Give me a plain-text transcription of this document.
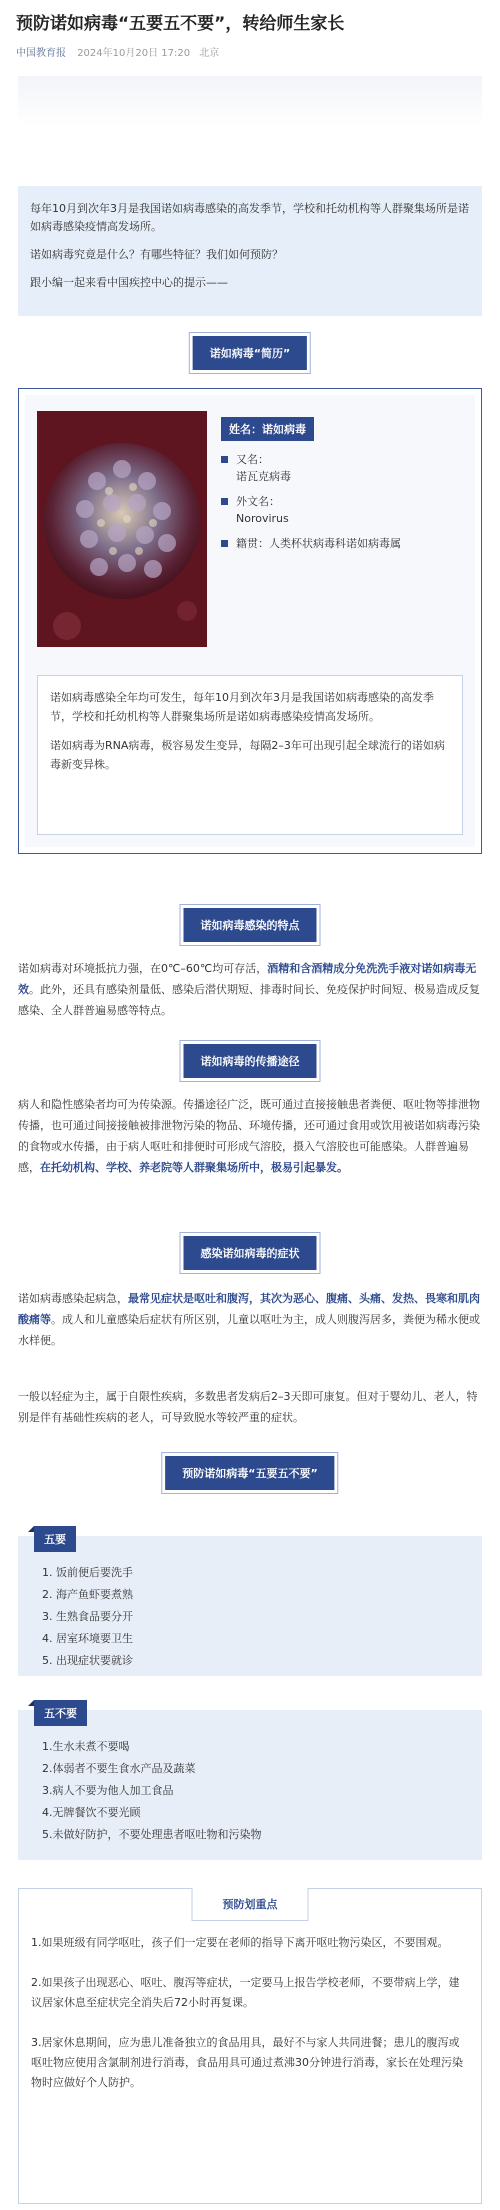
预防诺如病毒“五要五不要”，转给师生家长
中国教育报 2024年10月20日 17:20 北京

每年10月到次年3月是我国诺如病毒感染的高发季节，学校和托幼机构等人群聚集场所是诺如病毒感染疫情高发场所。

诺如病毒究竟是什么？有哪些特征？我们如何预防？

跟小编一起来看中国疾控中心的提示——

诺如病毒“简历”
姓名：诺如病毒
又名：
诺瓦克病毒
外文名：
Norovirus
籍贯：人类杯状病毒科诺如病毒属

诺如病毒感染全年均可发生，每年10月到次年3月是我国诺如病毒感染的高发季节，学校和托幼机构等人群聚集场所是诺如病毒感染疫情高发场所。

诺如病毒为RNA病毒，极容易发生变异，每隔2–3年可出现引起全球流行的诺如病毒新变异株。

诺如病毒感染的特点
诺如病毒对环境抵抗力强，在0℃–60℃均可存活，酒精和含酒精成分免洗洗手液对诺如病毒无效。此外，还具有感染剂量低、感染后潜伏期短、排毒时间长、免疫保护时间短、极易造成反复感染、全人群普遍易感等特点。
诺如病毒的传播途径
病人和隐性感染者均可为传染源。传播途径广泛，既可通过直接接触患者粪便、呕吐物等排泄物传播，也可通过间接接触被排泄物污染的物品、环境传播，还可通过食用或饮用被诺如病毒污染的食物或水传播，由于病人呕吐和排便时可形成气溶胶，摄入气溶胶也可能感染。人群普遍易感，在托幼机构、学校、养老院等人群聚集场所中，极易引起暴发。
感染诺如病毒的症状
诺如病毒感染起病急，最常见症状是呕吐和腹泻，其次为恶心、腹痛、头痛、发热、畏寒和肌肉酸痛等。成人和儿童感染后症状有所区别，儿童以呕吐为主，成人则腹泻居多，粪便为稀水便或水样便。
一般以轻症为主，属于自限性疾病，多数患者发病后2–3天即可康复。但对于婴幼儿、老人，特别是伴有基础性疾病的老人，可导致脱水等较严重的症状。
预防诺如病毒“五要五不要”
五要
1. 饭前便后要洗手
2. 海产鱼虾要煮熟
3. 生熟食品要分开
4. 居室环境要卫生
5. 出现症状要就诊
五不要
1.生水未煮不要喝
2.体弱者不要生食水产品及蔬菜
3.病人不要为他人加工食品
4.无牌餐饮不要光顾
5.未做好防护，不要处理患者呕吐物和污染物
预防划重点

1.如果班级有同学呕吐，孩子们一定要在老师的指导下离开呕吐物污染区，不要围观。

2.如果孩子出现恶心、呕吐、腹泻等症状，一定要马上报告学校老师，不要带病上学，建议居家休息至症状完全消失后72小时再复课。

3.居家休息期间，应为患儿准备独立的食品用具，最好不与家人共同进餐；患儿的腹泻或呕吐物应使用含氯制剂进行消毒，食品用具可通过煮沸30分钟进行消毒，家长在处理污染物时应做好个人防护。
